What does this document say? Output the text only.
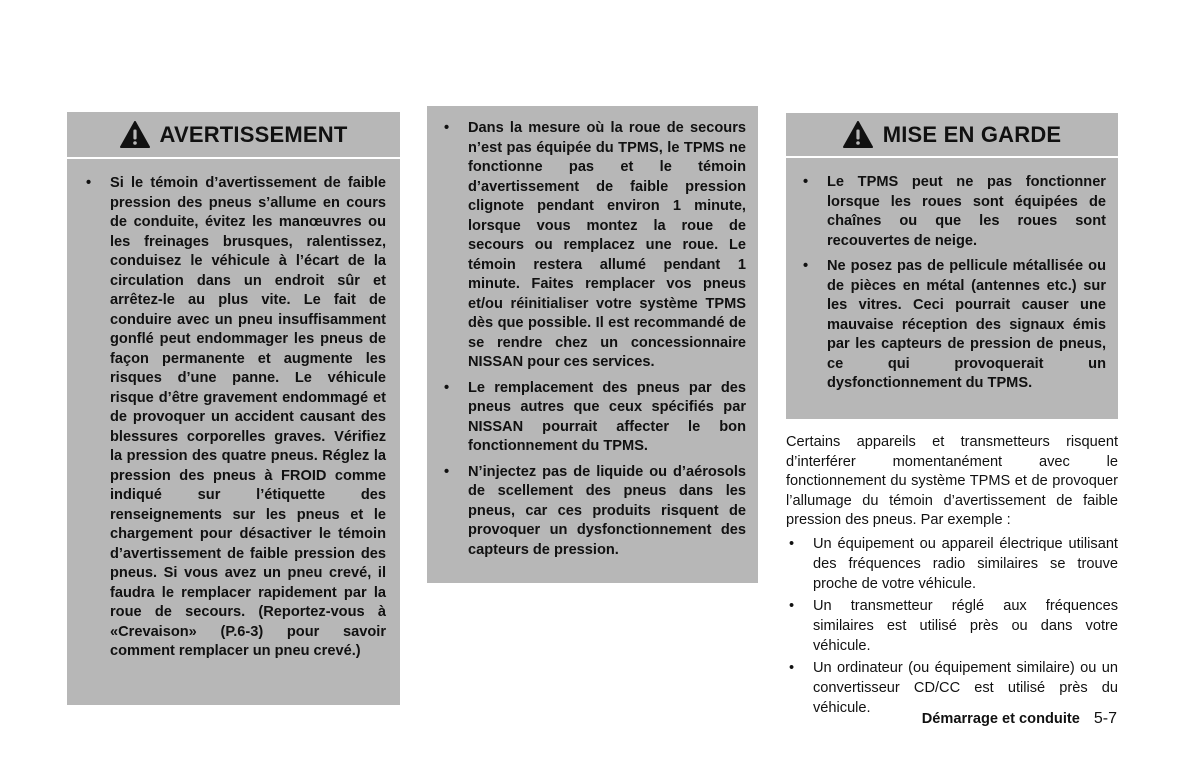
AVERTISSEMENT
• Si le témoin d’avertissement de faible pression des pneus s’allume en cours de conduite, évitez les manœuvres ou les freinages brusques, ralentissez, conduisez le véhicule à l’écart de la circulation dans un endroit sûr et arrêtez-le au plus vite. Le fait de conduire avec un pneu insuffisamment gonflé peut endommager les pneus de façon permanente et augmente les risques d’une panne. Le véhicule risque d’être gravement endommagé et de provoquer un accident causant des blessures corporelles graves. Vérifiez la pression des quatre pneus. Réglez la pression des pneus à FROID comme indiqué sur l’étiquette des renseignements sur les pneus et le chargement pour désactiver le témoin d’avertissement de faible pression des pneus. Si vous avez un pneu crevé, il faudra le remplacer rapidement par la roue de secours. (Reportez-vous à «Crevaison» (P.6-3) pour savoir comment remplacer un pneu crevé.)
• Dans la mesure où la roue de secours n’est pas équipée du TPMS, le TPMS ne fonctionne pas et le témoin d’avertissement de faible pression clignote pendant environ 1 minute, lorsque vous montez la roue de secours ou remplacez une roue. Le témoin restera allumé pendant 1 minute. Faites remplacer vos pneus et/ou réinitialiser votre système TPMS dès que possible. Il est recommandé de se rendre chez un concessionnaire NISSAN pour ces services.
• Le remplacement des pneus par des pneus autres que ceux spécifiés par NISSAN pourrait affecter le bon fonctionnement du TPMS.
• N’injectez pas de liquide ou d’aérosols de scellement des pneus dans les pneus, car ces produits risquent de provoquer un dysfonctionnement des capteurs de pression.
MISE EN GARDE
• Le TPMS peut ne pas fonctionner lorsque les roues sont équipées de chaînes ou que les roues sont recouvertes de neige.
• Ne posez pas de pellicule métallisée ou de pièces en métal (antennes etc.) sur les vitres. Ceci pourrait causer une mauvaise réception des signaux émis par les capteurs de pression de pneus, ce qui provoquerait un dysfonctionnement du TPMS.

Certains appareils et transmetteurs risquent d’interférer momentanément avec le fonctionnement du système TPMS et de provoquer l’allumage du témoin d’avertissement de faible pression des pneus. Par exemple :

• Un équipement ou appareil électrique utilisant des fréquences radio similaires se trouve proche de votre véhicule.
• Un transmetteur réglé aux fréquences similaires est utilisé près ou dans votre véhicule.
• Un ordinateur (ou équipement similaire) ou un convertisseur CD/CC est utilisé près du véhicule.
Démarrage et conduite 5-7
